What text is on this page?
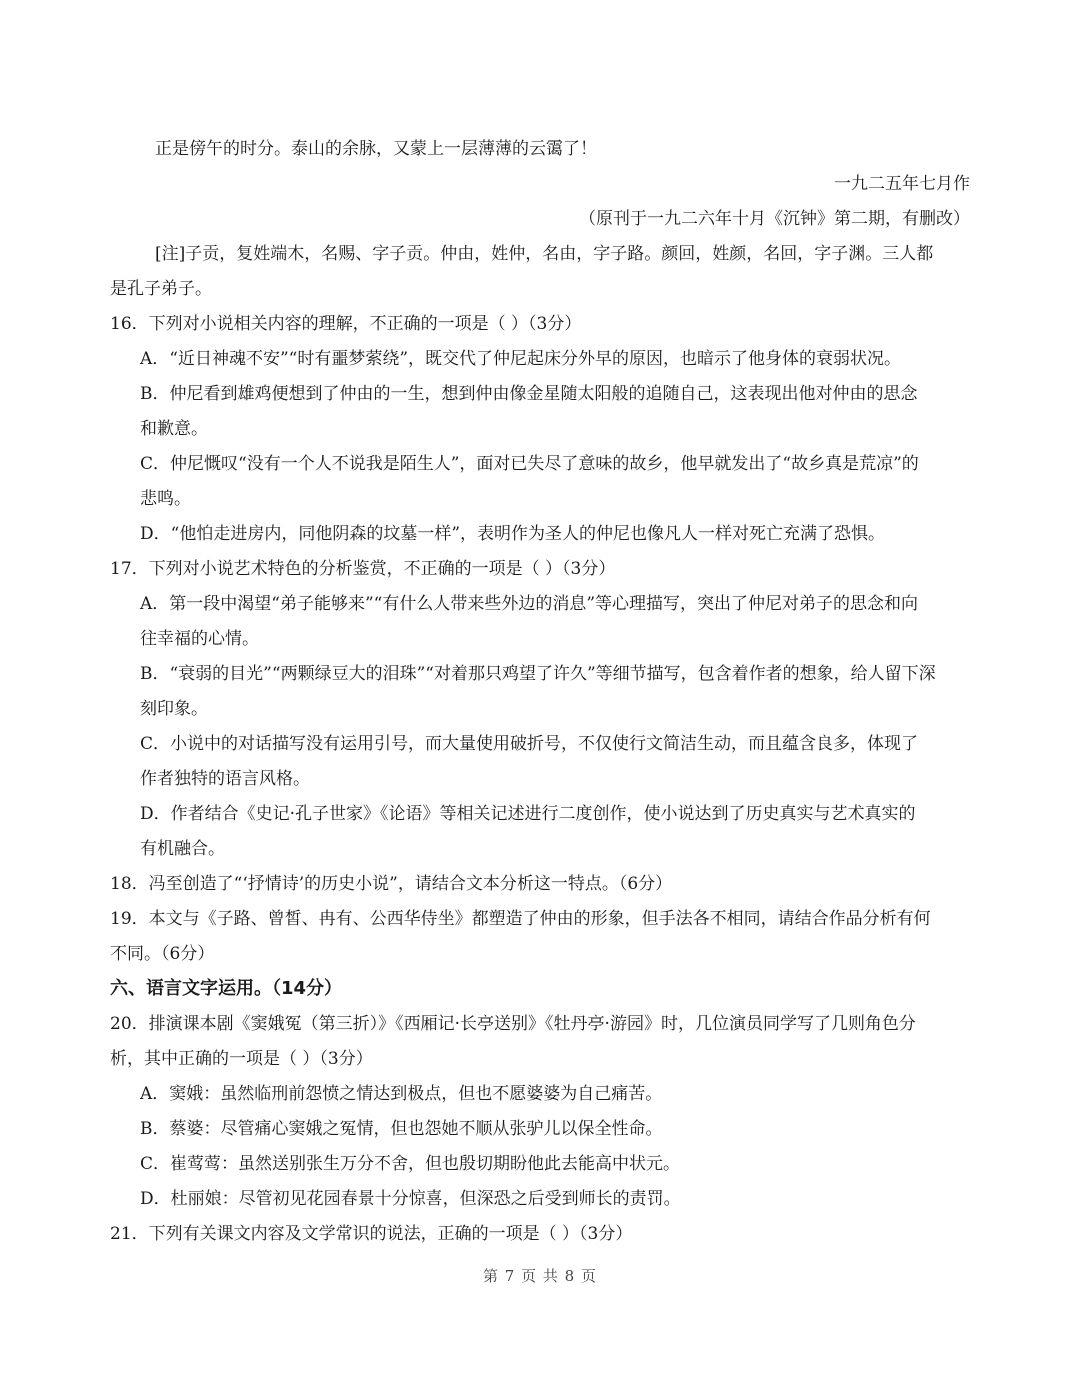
正是傍午的时分。泰山的余脉，又蒙上一层薄薄的云霭了！
一九二五年七月作
（原刊于一九二六年十月《沉钟》第二期，有删改）
[注]子贡，复姓端木，名赐、字子贡。仲由，姓仲，名由，字子路。颜回，姓颜，名回，字子渊。三人都
是孔子弟子。
16．下列对小说相关内容的理解，不正确的一项是（ ）（3分）
A．“近日神魂不安”“时有噩梦萦绕”，既交代了仲尼起床分外早的原因，也暗示了他身体的衰弱状况。
B．仲尼看到雄鸡便想到了仲由的一生，想到仲由像金星随太阳般的追随自己，这表现出他对仲由的思念
和歉意。
C．仲尼慨叹“没有一个人不说我是陌生人”，面对已失尽了意味的故乡，他早就发出了“故乡真是荒凉”的
悲鸣。
D．“他怕走进房内，同他阴森的坟墓一样”，表明作为圣人的仲尼也像凡人一样对死亡充满了恐惧。
17．下列对小说艺术特色的分析鉴赏，不正确的一项是（ ）（3分）
A．第一段中渴望“弟子能够来”“有什么人带来些外边的消息”等心理描写，突出了仲尼对弟子的思念和向
往幸福的心情。
B．“衰弱的目光”“两颗绿豆大的泪珠”“对着那只鸡望了许久”等细节描写，包含着作者的想象，给人留下深
刻印象。
C．小说中的对话描写没有运用引号，而大量使用破折号，不仅使行文简洁生动，而且蕴含良多，体现了
作者独特的语言风格。
D．作者结合《史记·孔子世家》《论语》等相关记述进行二度创作，使小说达到了历史真实与艺术真实的
有机融合。
18．冯至创造了“‘抒情诗’的历史小说”，请结合文本分析这一特点。（6分）
19．本文与《子路、曾皙、冉有、公西华侍坐》都塑造了仲由的形象，但手法各不相同，请结合作品分析有何
不同。（6分）
六、语言文字运用。（14分）
20．排演课本剧《窦娥冤（第三折）》《西厢记·长亭送别》《牡丹亭·游园》时，几位演员同学写了几则角色分
析，其中正确的一项是（ ）（3分）
A．窦娥：虽然临刑前怨愤之情达到极点，但也不愿婆婆为自己痛苦。
B．蔡婆：尽管痛心窦娥之冤情，但也怨她不顺从张驴儿以保全性命。
C．崔莺莺：虽然送别张生万分不舍，但也殷切期盼他此去能高中状元。
D．杜丽娘：尽管初见花园春景十分惊喜，但深恐之后受到师长的责罚。
21．下列有关课文内容及文学常识的说法，正确的一项是（ ）（3分）
第 7 页 共 8 页
